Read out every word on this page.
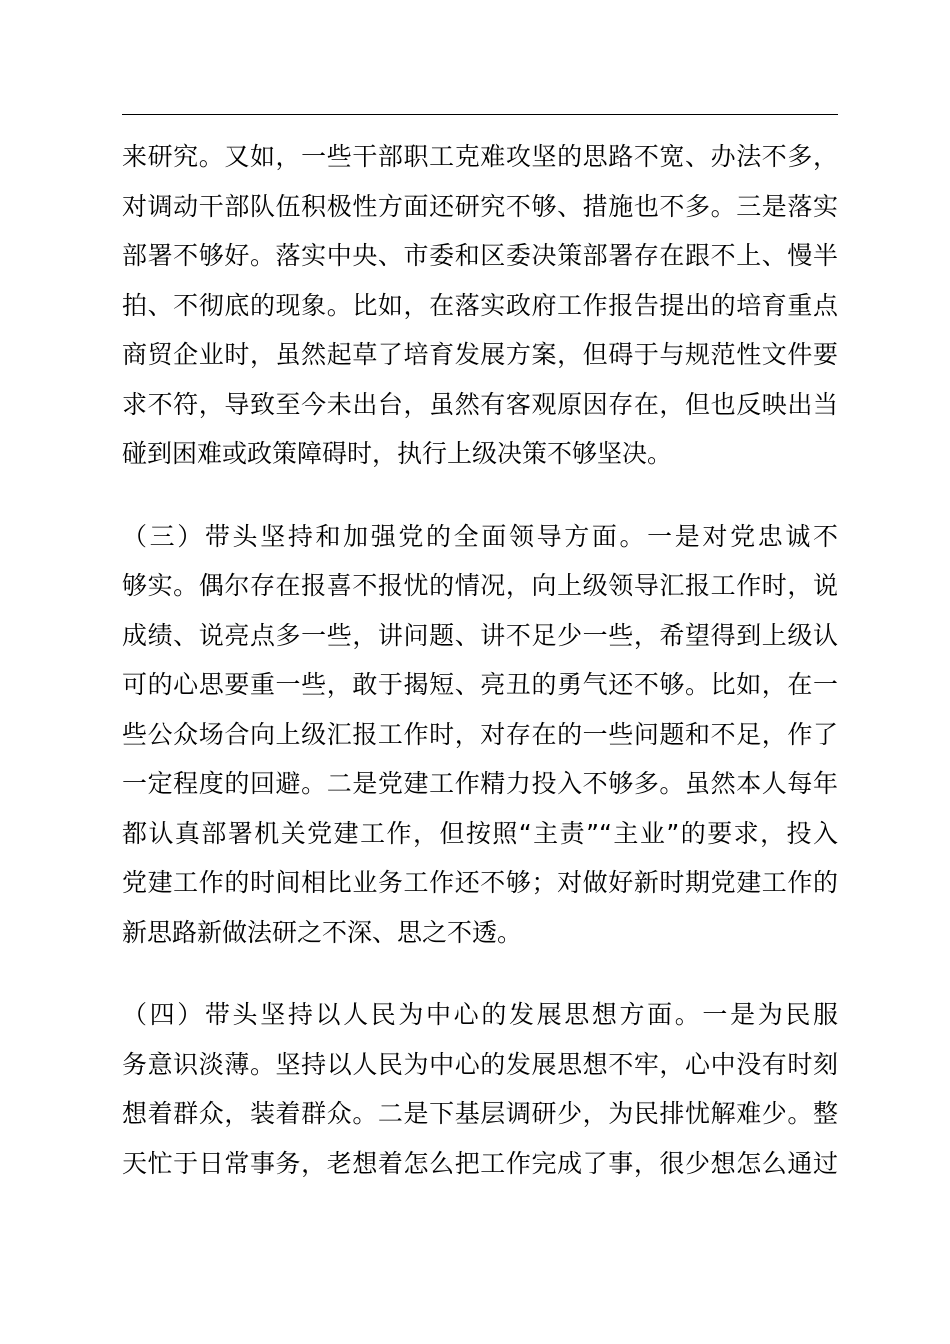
来研究。又如，一些干部职工克难攻坚的思路不宽、办法不多，
对调动干部队伍积极性方面还研究不够、措施也不多。三是落实
部署不够好。落实中央、市委和区委决策部署存在跟不上、慢半
拍、不彻底的现象。比如，在落实政府工作报告提出的培育重点
商贸企业时，虽然起草了培育发展方案，但碍于与规范性文件要
求不符，导致至今未出台，虽然有客观原因存在，但也反映出当
碰到困难或政策障碍时，执行上级决策不够坚决。
（三）带头坚持和加强党的全面领导方面。一是对党忠诚不
够实。偶尔存在报喜不报忧的情况，向上级领导汇报工作时，说
成绩、说亮点多一些，讲问题、讲不足少一些，希望得到上级认
可的心思要重一些，敢于揭短、亮丑的勇气还不够。比如，在一
些公众场合向上级汇报工作时，对存在的一些问题和不足，作了
一定程度的回避。二是党建工作精力投入不够多。虽然本人每年
都认真部署机关党建工作，但按照“主责”“主业”的要求，投入
党建工作的时间相比业务工作还不够；对做好新时期党建工作的
新思路新做法研之不深、思之不透。
（四）带头坚持以人民为中心的发展思想方面。一是为民服
务意识淡薄。坚持以人民为中心的发展思想不牢，心中没有时刻
想着群众，装着群众。二是下基层调研少，为民排忧解难少。整
天忙于日常事务，老想着怎么把工作完成了事，很少想怎么通过
